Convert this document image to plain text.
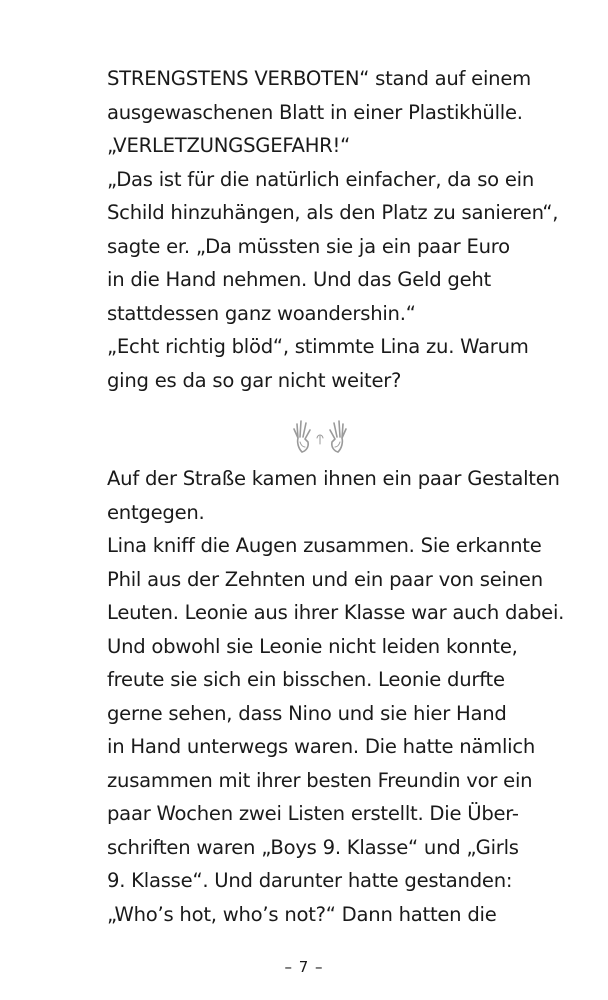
STRENGSTENS VERBOTEN“ stand auf einem
ausgewaschenen Blatt in einer Plastikhülle.
„VERLETZUNGSGEFAHR!“
„Das ist für die natürlich einfacher, da so ein
Schild hinzuhängen, als den Platz zu sanieren“,
sagte er. „Da müssten sie ja ein paar Euro
in die Hand nehmen. Und das Geld geht
stattdessen ganz woandershin.“
„Echt richtig blöd“, stimmte Lina zu. Warum
ging es da so gar nicht weiter?
Auf der Straße kamen ihnen ein paar Gestalten
entgegen.
Lina kniff die Augen zusammen. Sie erkannte
Phil aus der Zehnten und ein paar von seinen
Leuten. Leonie aus ihrer Klasse war auch dabei.
Und obwohl sie Leonie nicht leiden konnte,
freute sie sich ein bisschen. Leonie durfte
gerne sehen, dass Nino und sie hier Hand
in Hand unterwegs waren. Die hatte nämlich
zusammen mit ihrer besten Freundin vor ein
paar Wochen zwei Listen erstellt. Die Über-
schriften waren „Boys 9. Klasse“ und „Girls
9. Klasse“. Und darunter hatte gestanden:
„Who’s hot, who’s not?“ Dann hatten die
– 7 –
